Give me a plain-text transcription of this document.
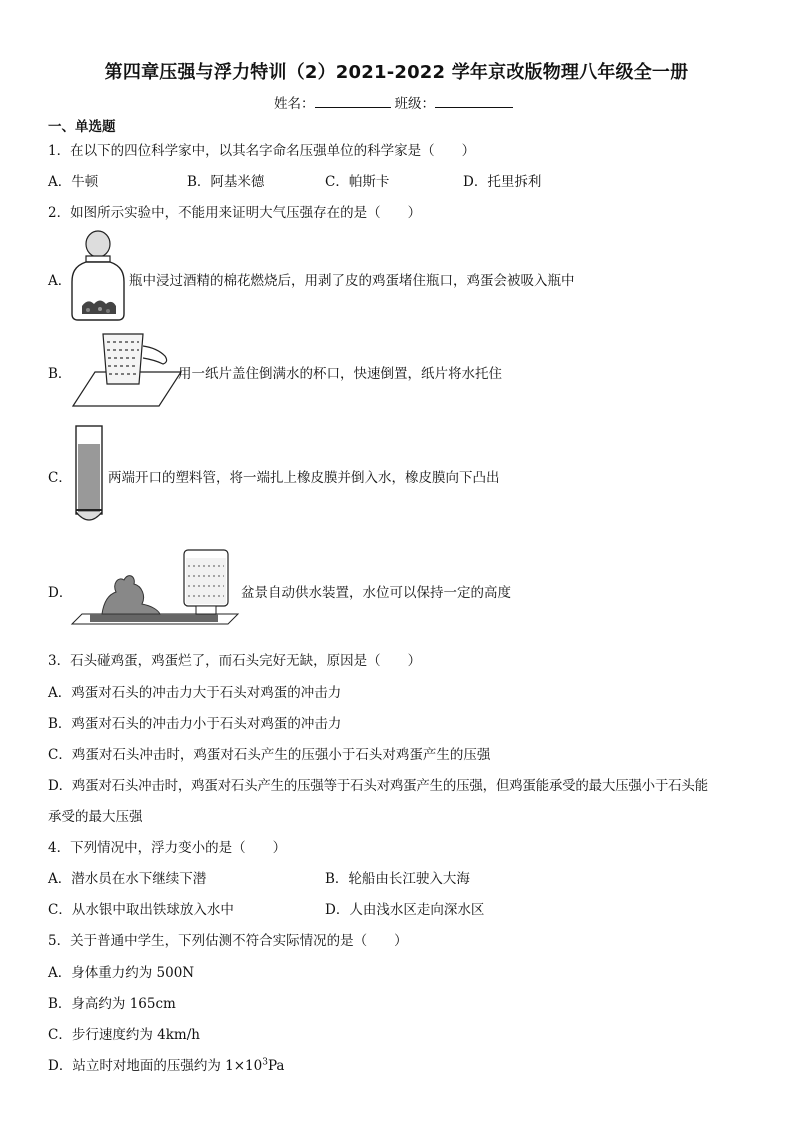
第四章压强与浮力特训（2）2021-2022 学年京改版物理八年级全一册
姓名：	班级：
一、单选题
1．在以下的四位科学家中，以其名字命名压强单位的科学家是（　　）
A．牛顿	B．阿基米德	C．帕斯卡	D．托里拆利
2．如图所示实验中，不能用来证明大气压强存在的是（　　）
A．	瓶中浸过酒精的棉花燃烧后，用剥了皮的鸡蛋堵住瓶口，鸡蛋会被吸入瓶中
B．	用一纸片盖住倒满水的杯口，快速倒置，纸片将水托住
C．	两端开口的塑料管，将一端扎上橡皮膜并倒入水，橡皮膜向下凸出
D．	盆景自动供水装置，水位可以保持一定的高度
3．石头碰鸡蛋，鸡蛋烂了，而石头完好无缺，原因是（　　）
A．鸡蛋对石头的冲击力大于石头对鸡蛋的冲击力
B．鸡蛋对石头的冲击力小于石头对鸡蛋的冲击力
C．鸡蛋对石头冲击时，鸡蛋对石头产生的压强小于石头对鸡蛋产生的压强
D．鸡蛋对石头冲击时，鸡蛋对石头产生的压强等于石头对鸡蛋产生的压强，但鸡蛋能承受的最大压强小于石头能
承受的最大压强
4．下列情况中，浮力变小的是（　　）
A．潜水员在水下继续下潜	B．轮船由长江驶入大海
C．从水银中取出铁球放入水中	D．人由浅水区走向深水区
5．关于普通中学生，下列估测不符合实际情况的是（　　）
A．身体重力约为 500N
B．身高约为 165cm
C．步行速度约为 4km/h
D．站立时对地面的压强约为 $1\times 10^3Pa$
